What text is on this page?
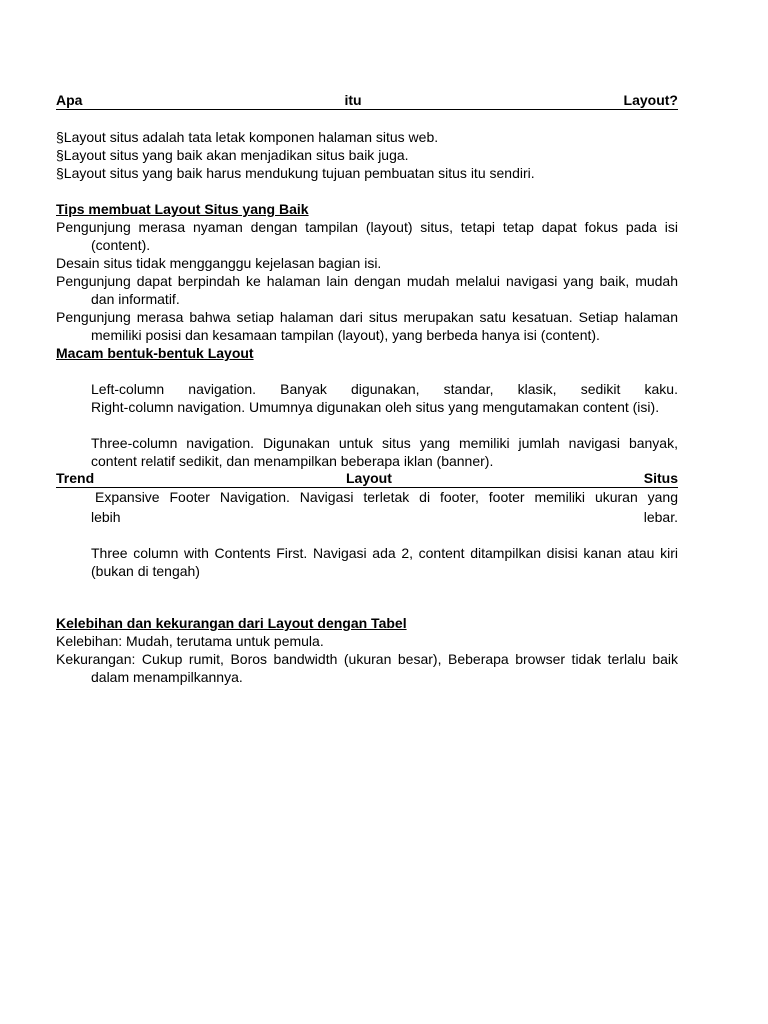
Apa	itu	Layout?
§Layout situs adalah tata letak komponen halaman situs web.
§Layout situs yang baik akan menjadikan situs baik juga.
§Layout situs yang baik harus mendukung tujuan pembuatan situs itu sendiri.
Tips membuat Layout Situs yang Baik
Pengunjung merasa nyaman dengan tampilan (layout) situs, tetapi tetap dapat fokus pada isi (content).
Desain situs tidak mengganggu kejelasan bagian isi.
Pengunjung dapat berpindah ke halaman lain dengan mudah melalui navigasi yang baik, mudah dan informatif.
Pengunjung merasa bahwa setiap halaman dari situs merupakan satu kesatuan. Setiap halaman memiliki posisi dan kesamaan tampilan (layout), yang berbeda hanya isi (content).
Macam bentuk-bentuk Layout
Left-column navigation. Banyak digunakan, standar, klasik, sedikit kaku.
Right-column navigation. Umumnya digunakan oleh situs yang mengutamakan content (isi).
Three-column navigation. Digunakan untuk situs yang memiliki jumlah navigasi banyak, content relatif sedikit, dan menampilkan beberapa iklan (banner).
Trend	Layout	Situs
Expansive Footer Navigation. Navigasi terletak di footer, footer memiliki ukuran yang
lebih	lebar.
Three column with Contents First. Navigasi ada 2, content ditampilkan disisi kanan atau kiri (bukan di tengah)
Kelebihan dan kekurangan dari Layout dengan Tabel
Kelebihan: Mudah, terutama untuk pemula.
Kekurangan: Cukup rumit, Boros bandwidth (ukuran besar), Beberapa browser tidak terlalu baik dalam menampilkannya.
